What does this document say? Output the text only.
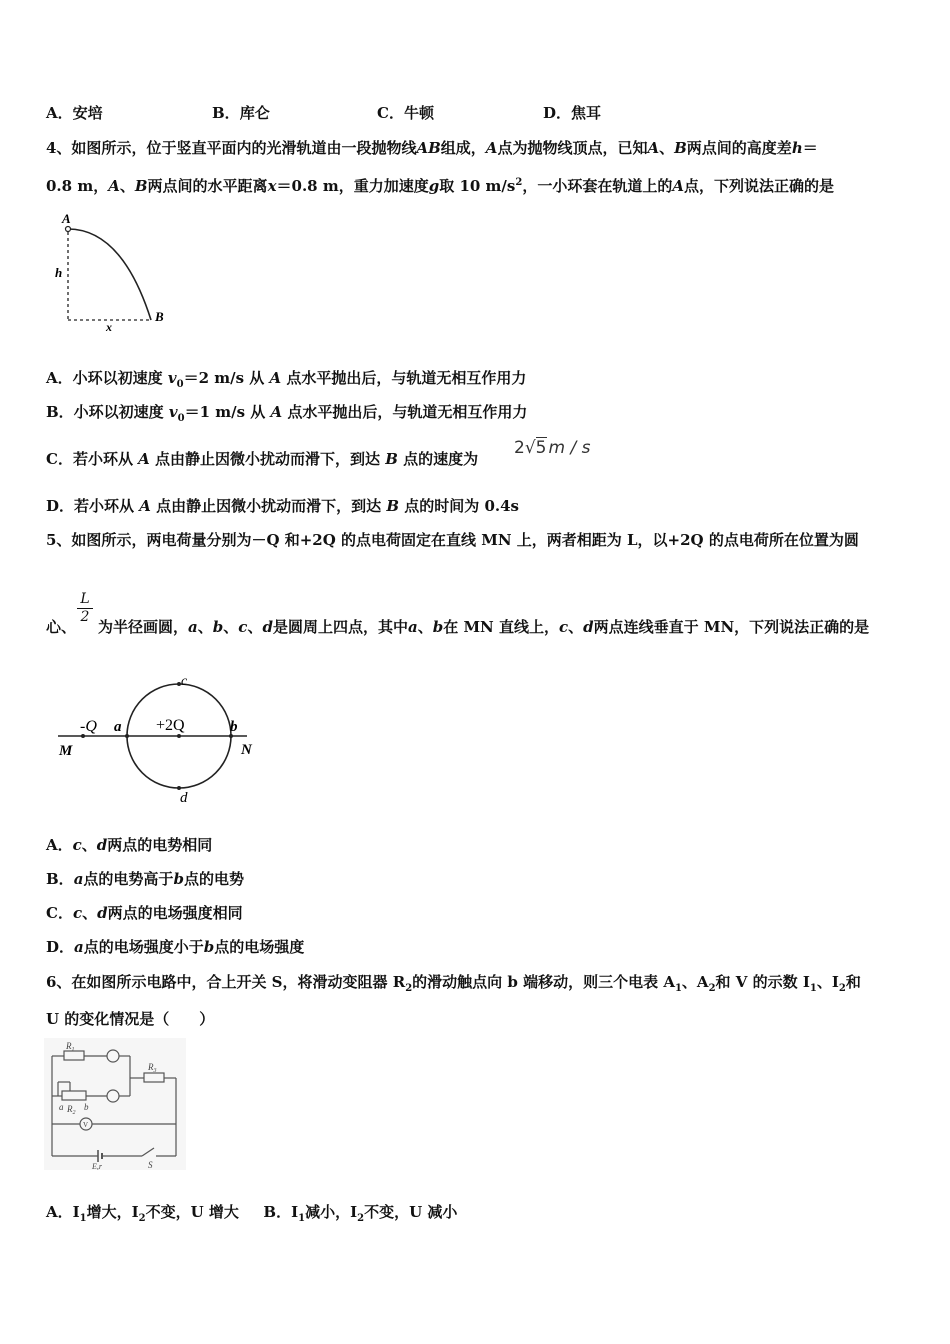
A．安培	B．库仑	C．牛顿	D．焦耳
4、如图所示，位于竖直平面内的光滑轨道由一段抛物线AB组成，A点为抛物线顶点，已知A、B两点间的高度差h＝
0.8 m，A、B两点间的水平距离x＝0.8 m，重力加速度g取 10 $m/s^2$，一小环套在轨道上的A点，下列说法正确的是
A
h
x
B
A．小环以初速度 $v_0=2$ m/s 从 A 点水平抛出后，与轨道无相互作用力
B．小环以初速度 $v_0=1$ m/s 从 A 点水平抛出后，与轨道无相互作用力
C．若小环从 A 点由静止因微小扰动而滑下，到达 B 点的速度为
2√5 m / s
D．若小环从 A 点由静止因微小扰动而滑下，到达 B 点的时间为 0.4s
5、如图所示，两电荷量分别为－Q 和+2Q 的点电荷固定在直线 MN 上，两者相距为 L，以+2Q 的点电荷所在位置为圆
$\frac{L}{2}$
心、 为半径画圆，a、b、c、d是圆周上四点，其中a、b在 MN 直线上，c、d两点连线垂直于 MN，下列说法正确的是
c
-Q a +2Q	b
M	N
d
A．c、d两点的电势相同
B．a点的电势高于b点的电势
C．c、d两点的电场强度相同
D．a点的电场强度小于b点的电场强度
6、在如图所示电路中，合上开关 S，将滑动变阻器 $R_2$的滑动触点向 b 端移动，则三个电表 $A_1$、$A_2$和 V 的示数 $I_1$、$I_2$和
U 的变化情况是（　　）
$R_1$
$R_3$
a $R_2$
b
V
S
E,r
A．$I_1$增大，$I_2$不变，U 增大 B．$I_1$减小，$I_2$不变，U 减小
